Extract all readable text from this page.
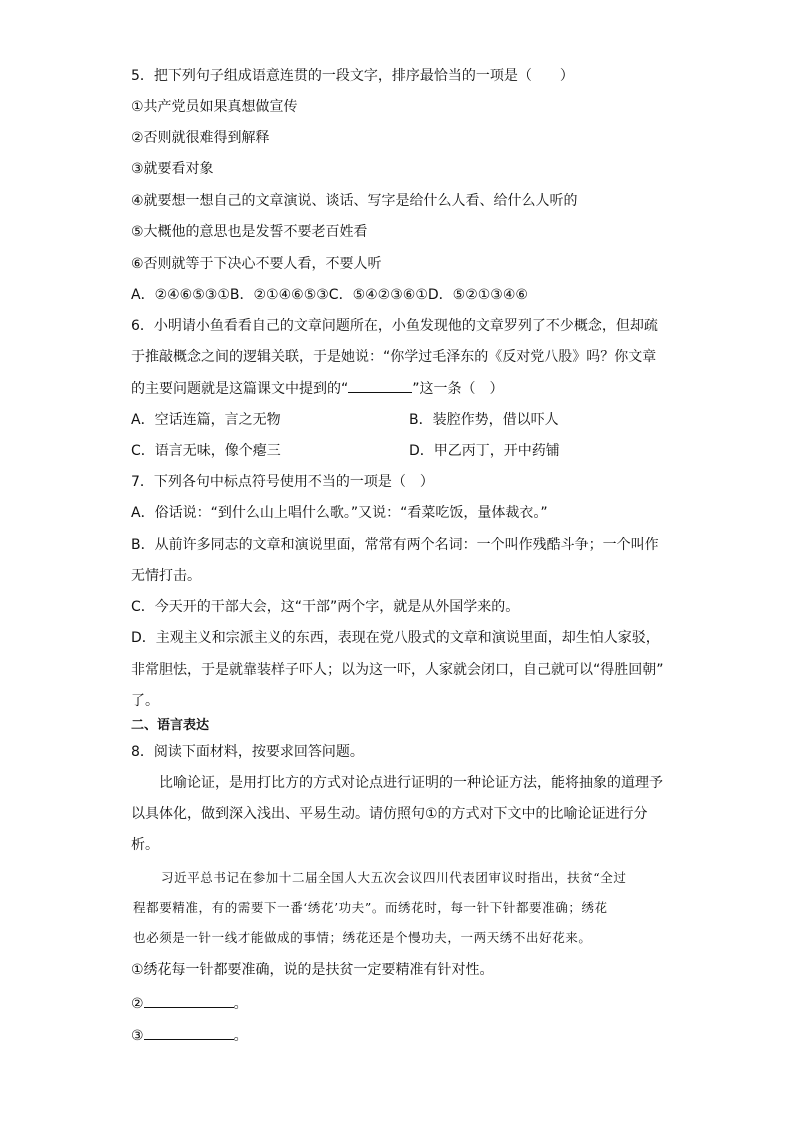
5．把下列句子组成语意连贯的一段文字，排序最恰当的一项是（　　）
①共产党员如果真想做宣传
②否则就很难得到解释
③就要看对象
④就要想一想自己的文章演说、谈话、写字是给什么人看、给什么人听的
⑤大概他的意思也是发誓不要老百姓看
⑥否则就等于下决心不要人看，不要人听
A．②④⑥⑤③①B．②①④⑥⑤③C．⑤④②③⑥①D．⑤②①③④⑥
6．小明请小鱼看看自己的文章问题所在，小鱼发现他的文章罗列了不少概念，但却疏
于推敲概念之间的逻辑关联，于是她说：“你学过毛泽东的《反对党八股》吗？你文章
的主要问题就是这篇课文中提到的“	”这一条（　）
A．空话连篇，言之无物	B．装腔作势，借以吓人
C．语言无味，像个瘪三	D．甲乙丙丁，开中药铺
7．下列各句中标点符号使用不当的一项是（　）
A．俗话说：“到什么山上唱什么歌。”又说：“看菜吃饭，量体裁衣。”
B．从前许多同志的文章和演说里面，常常有两个名词：一个叫作残酷斗争；一个叫作
无情打击。
C．今天开的干部大会，这“干部”两个字，就是从外国学来的。
D．主观主义和宗派主义的东西，表现在党八股式的文章和演说里面，却生怕人家驳，
非常胆怯，于是就靠装样子吓人；以为这一吓，人家就会闭口，自己就可以“得胜回朝”
了。
二、语言表达
8．阅读下面材料，按要求回答问题。
比喻论证，是用打比方的方式对论点进行证明的一种论证方法，能将抽象的道理予
以具体化，做到深入浅出、平易生动。请仿照句①的方式对下文中的比喻论证进行分
析。
习近平总书记在参加十二届全国人大五次会议四川代表团审议时指出，扶贫“全过
程都要精准，有的需要下一番‘绣花’功夫”。而绣花时，每一针下针都要准确；绣花
也必须是一针一线才能做成的事情；绣花还是个慢功夫，一两天绣不出好花来。
①绣花每一针都要准确，说的是扶贫一定要精准有针对性。
②	。
③	。
